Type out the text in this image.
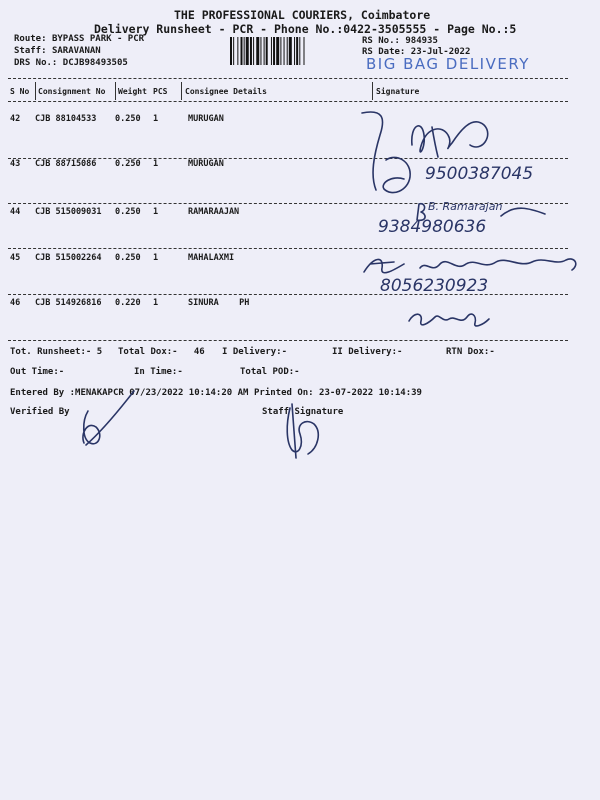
THE PROFESSIONAL COURIERS, Coimbatore
Delivery Runsheet - PCR - Phone No.:0422-3505555 - Page No.:5
Route: BYPASS PARK - PCR
Staff: SARAVANAN
DRS No.: DCJB98493505
RS No.: 984935
RS Date: 23-Jul-2022
BIG BAG DELIVERY
S No Consignment No Weight PCS Consignee Details	Signature
42 CJB 88104533 0.250 1	MURUGAN
43 CJB 88715086 0.250 1	MURUGAN
44 CJB 515009031 0.250 1	RAMARAAJAN
45 CJB 515002264 0.250 1	MAHALAXMI
46 CJB 514926816 0.220 1	SINURA    PH
9500387045
B. Ramarajan
9384980636
8056230923
Tot. Runsheet:- 5 Total Dox:-   46 I Delivery:-	II Delivery:-	RTN Dox:-
Out Time:-	In Time:-	Total POD:-
Entered By :MENAKAPCR 07/23/2022 10:14:20 AM Printed On: 23-07-2022 10:14:39
Verified By	Staff Signature
